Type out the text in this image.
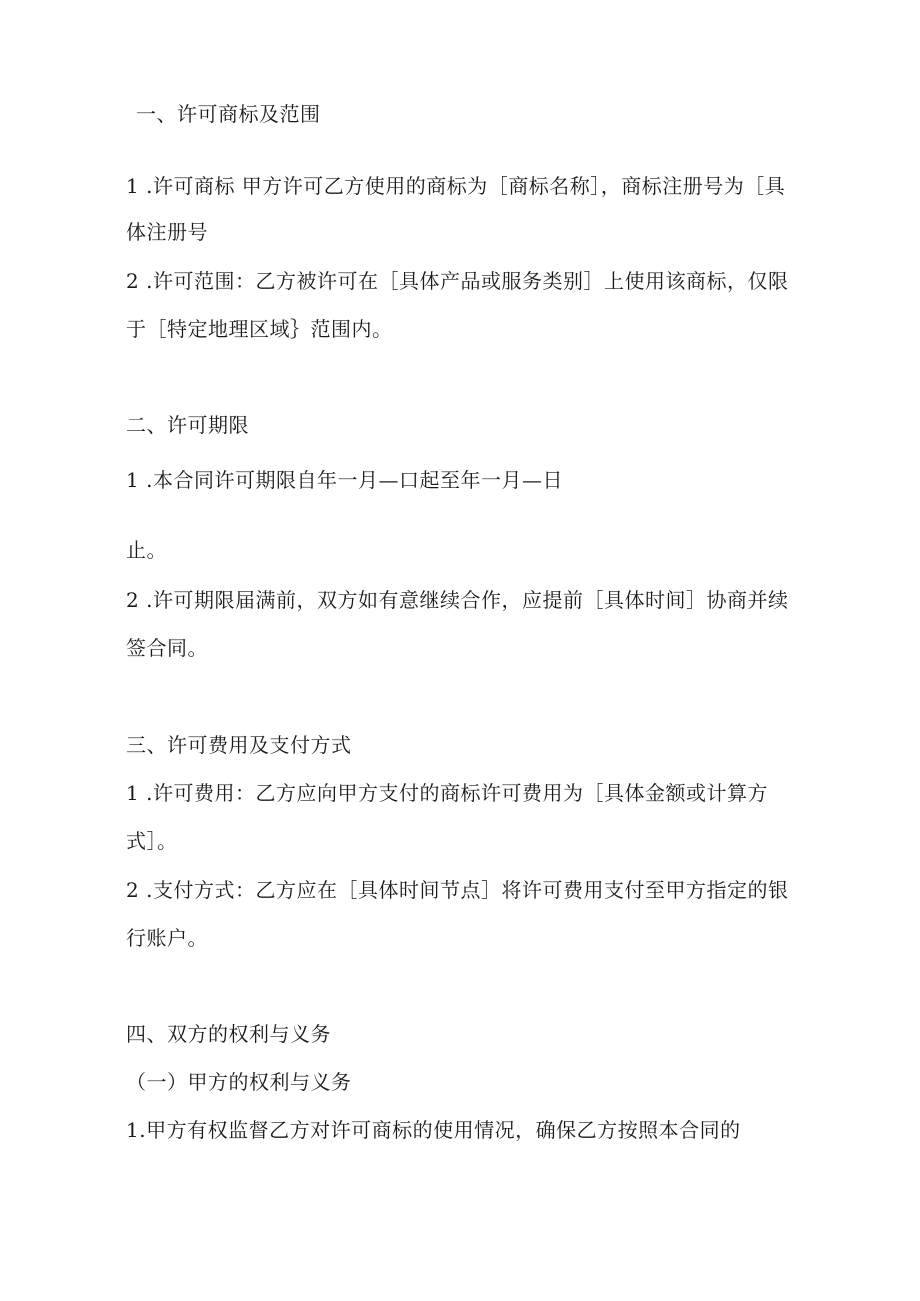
一、许可商标及范围
1 .许可商标 甲方许可乙方使用的商标为［商标名称］，商标注册号为［具
体注册号
2 .许可范围：乙方被许可在［具体产品或服务类别］上使用该商标，仅限
于［特定地理区域｝范围内。
二、许可期限
1 .本合同许可期限自年一月—口起至年一月—日
止。
2 .许可期限届满前，双方如有意继续合作，应提前［具体时间］协商并续
签合同。
三、许可费用及支付方式
1 .许可费用：乙方应向甲方支付的商标许可费用为［具体金额或计算方
式］。
2 .支付方式：乙方应在［具体时间节点］将许可费用支付至甲方指定的银
行账户。
四、双方的权利与义务
（一）甲方的权利与义务
1.甲方有权监督乙方对许可商标的使用情况，确保乙方按照本合同的
